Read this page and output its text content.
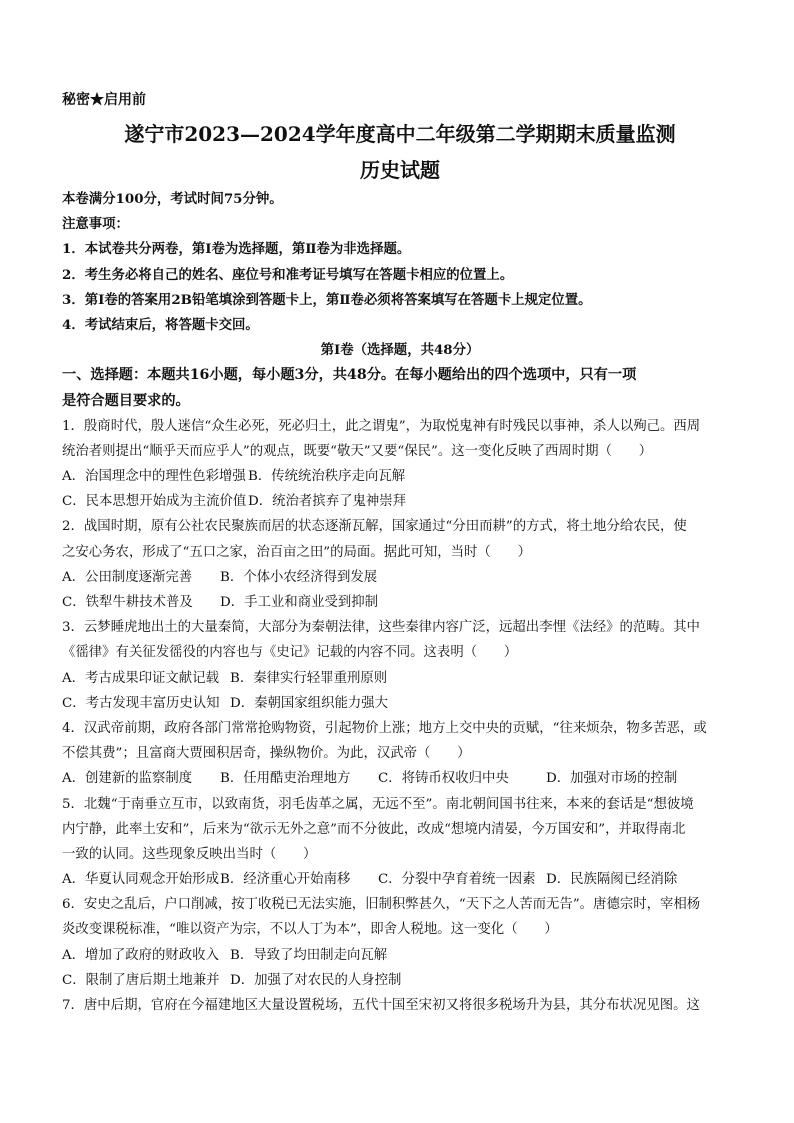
秘密★启用前
遂宁市2023—2024学年度高中二年级第二学期期末质量监测
历史试题
本卷满分100分，考试时间75分钟。
注意事项：
1．本试卷共分两卷，第Ⅰ卷为选择题，第Ⅱ卷为非选择题。
2．考生务必将自己的姓名、座位号和准考证号填写在答题卡相应的位置上。
3．第Ⅰ卷的答案用2B铅笔填涂到答题卡上，第Ⅱ卷必须将答案填写在答题卡上规定位置。
4．考试结束后，将答题卡交回。
第Ⅰ卷（选择题，共48分）
一、选择题：本题共16小题，每小题3分，共48分。在每小题给出的四个选项中，只有一项
是符合题目要求的。
1．殷商时代，殷人迷信“众生必死，死必归土，此之谓鬼”，为取悦鬼神有时残民以事神，杀人以殉己。西周
统治者则提出“顺乎天而应乎人”的观点，既要“敬天”又要“保民”。这一变化反映了西周时期（　　）
A．治国理念中的理性色彩增强 B．传统统治秩序走向瓦解
C．民本思想开始成为主流价值 D．统治者摈弃了鬼神崇拜
2．战国时期，原有公社农民聚族而居的状态逐渐瓦解，国家通过“分田而耕”的方式，将土地分给农民，使
之安心务农，形成了“五口之家，治百亩之田”的局面。据此可知，当时（　　）
A．公田制度逐渐完善	B．个体小农经济得到发展
C．铁犁牛耕技术普及	D．手工业和商业受到抑制
3．云梦睡虎地出土的大量秦简，大部分为秦朝法律，这些秦律内容广泛，远超出李悝《法经》的范畴。其中
《徭律》有关征发徭役的内容也与《史记》记载的内容不同。这表明（　　）
A．考古成果印证文献记载 B．秦律实行轻罪重刑原则
C．考古发现丰富历史认知 D．秦朝国家组织能力强大
4．汉武帝前期，政府各部门常常抢购物资，引起物价上涨；地方上交中央的贡赋，“往来烦杂，物多苦恶，或
不偿其费”；且富商大贾囤积居奇，操纵物价。为此，汉武帝（　　）
A．创建新的监察制度	B．任用酷吏治理地方	C．将铸币权收归中央	D．加强对市场的控制
5．北魏“于南垂立互市，以致南货，羽毛齿革之属，无远不至”。南北朝间国书往来，本来的套话是“想彼境
内宁静，此率土安和”，后来为“欲示无外之意”而不分彼此，改成“想境内清晏，今万国安和”，并取得南北
一致的认同。这些现象反映出当时（　　）
A．华夏认同观念开始形成 B．经济重心开始南移	C．分裂中孕育着统一因素 D．民族隔阂已经消除
6．安史之乱后，户口削减，按丁收税已无法实施，旧制积弊甚久，“天下之人苦而无告”。唐德宗时，宰相杨
炎改变课税标准，“唯以资产为宗，不以人丁为本”，即舍人税地。这一变化（　　）
A．增加了政府的财政收入 B．导致了均田制走向瓦解
C．限制了唐后期土地兼并 D．加强了对农民的人身控制
7．唐中后期，官府在今福建地区大量设置税场，五代十国至宋初又将很多税场升为县，其分布状况见图。这
